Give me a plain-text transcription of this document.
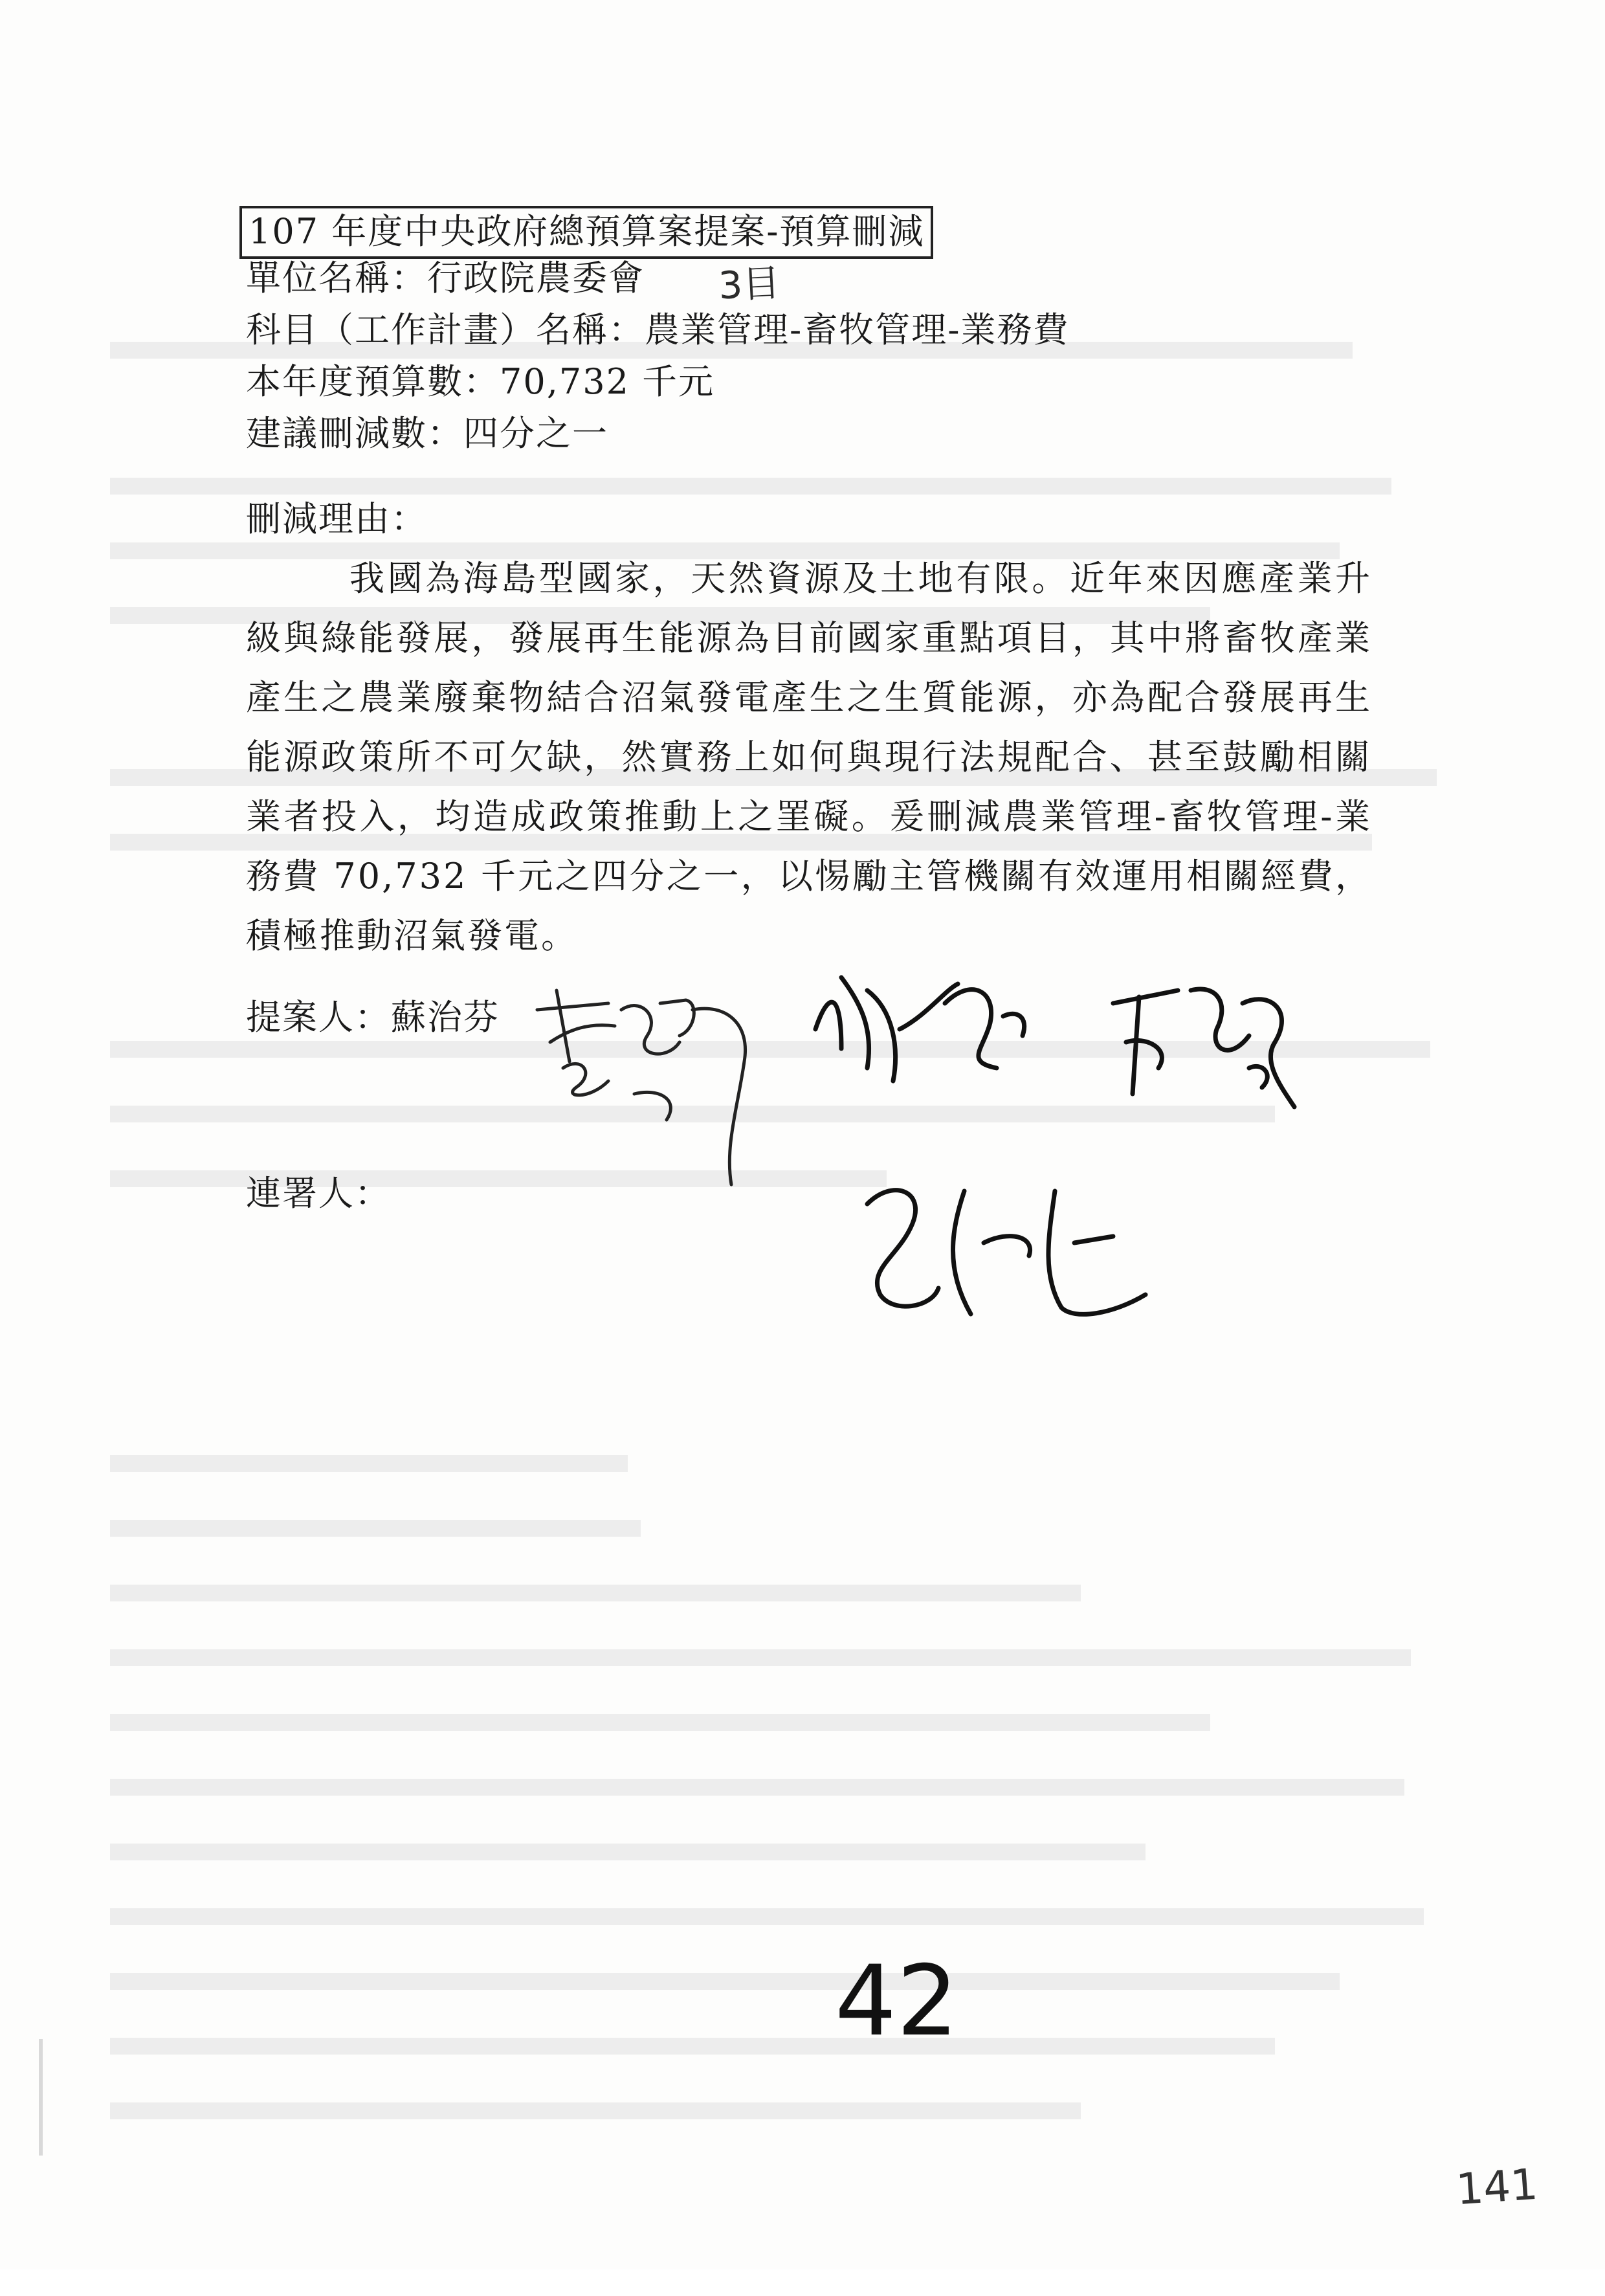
107 年度中央政府總預算案提案-預算刪減
單位名稱：行政院農委會 3目
科目（工作計畫）名稱：農業管理-畜牧管理-業務費
本年度預算數：70,732 千元
建議刪減數：四分之一
刪減理由：
我國為海島型國家，天然資源及土地有限。近年來因應產業升級與綠能發展，發展再生能源為目前國家重點項目，其中將畜牧產業產生之農業廢棄物結合沼氣發電產生之生質能源，亦為配合發展再生能源政策所不可欠缺，然實務上如何與現行法規配合、甚至鼓勵相關業者投入，均造成政策推動上之罣礙。爰刪減農業管理-畜牧管理-業務費 70,732 千元之四分之一，以惕勵主管機關有效運用相關經費，積極推動沼氣發電。
提案人：蘇治芬
連署人：
42
141
